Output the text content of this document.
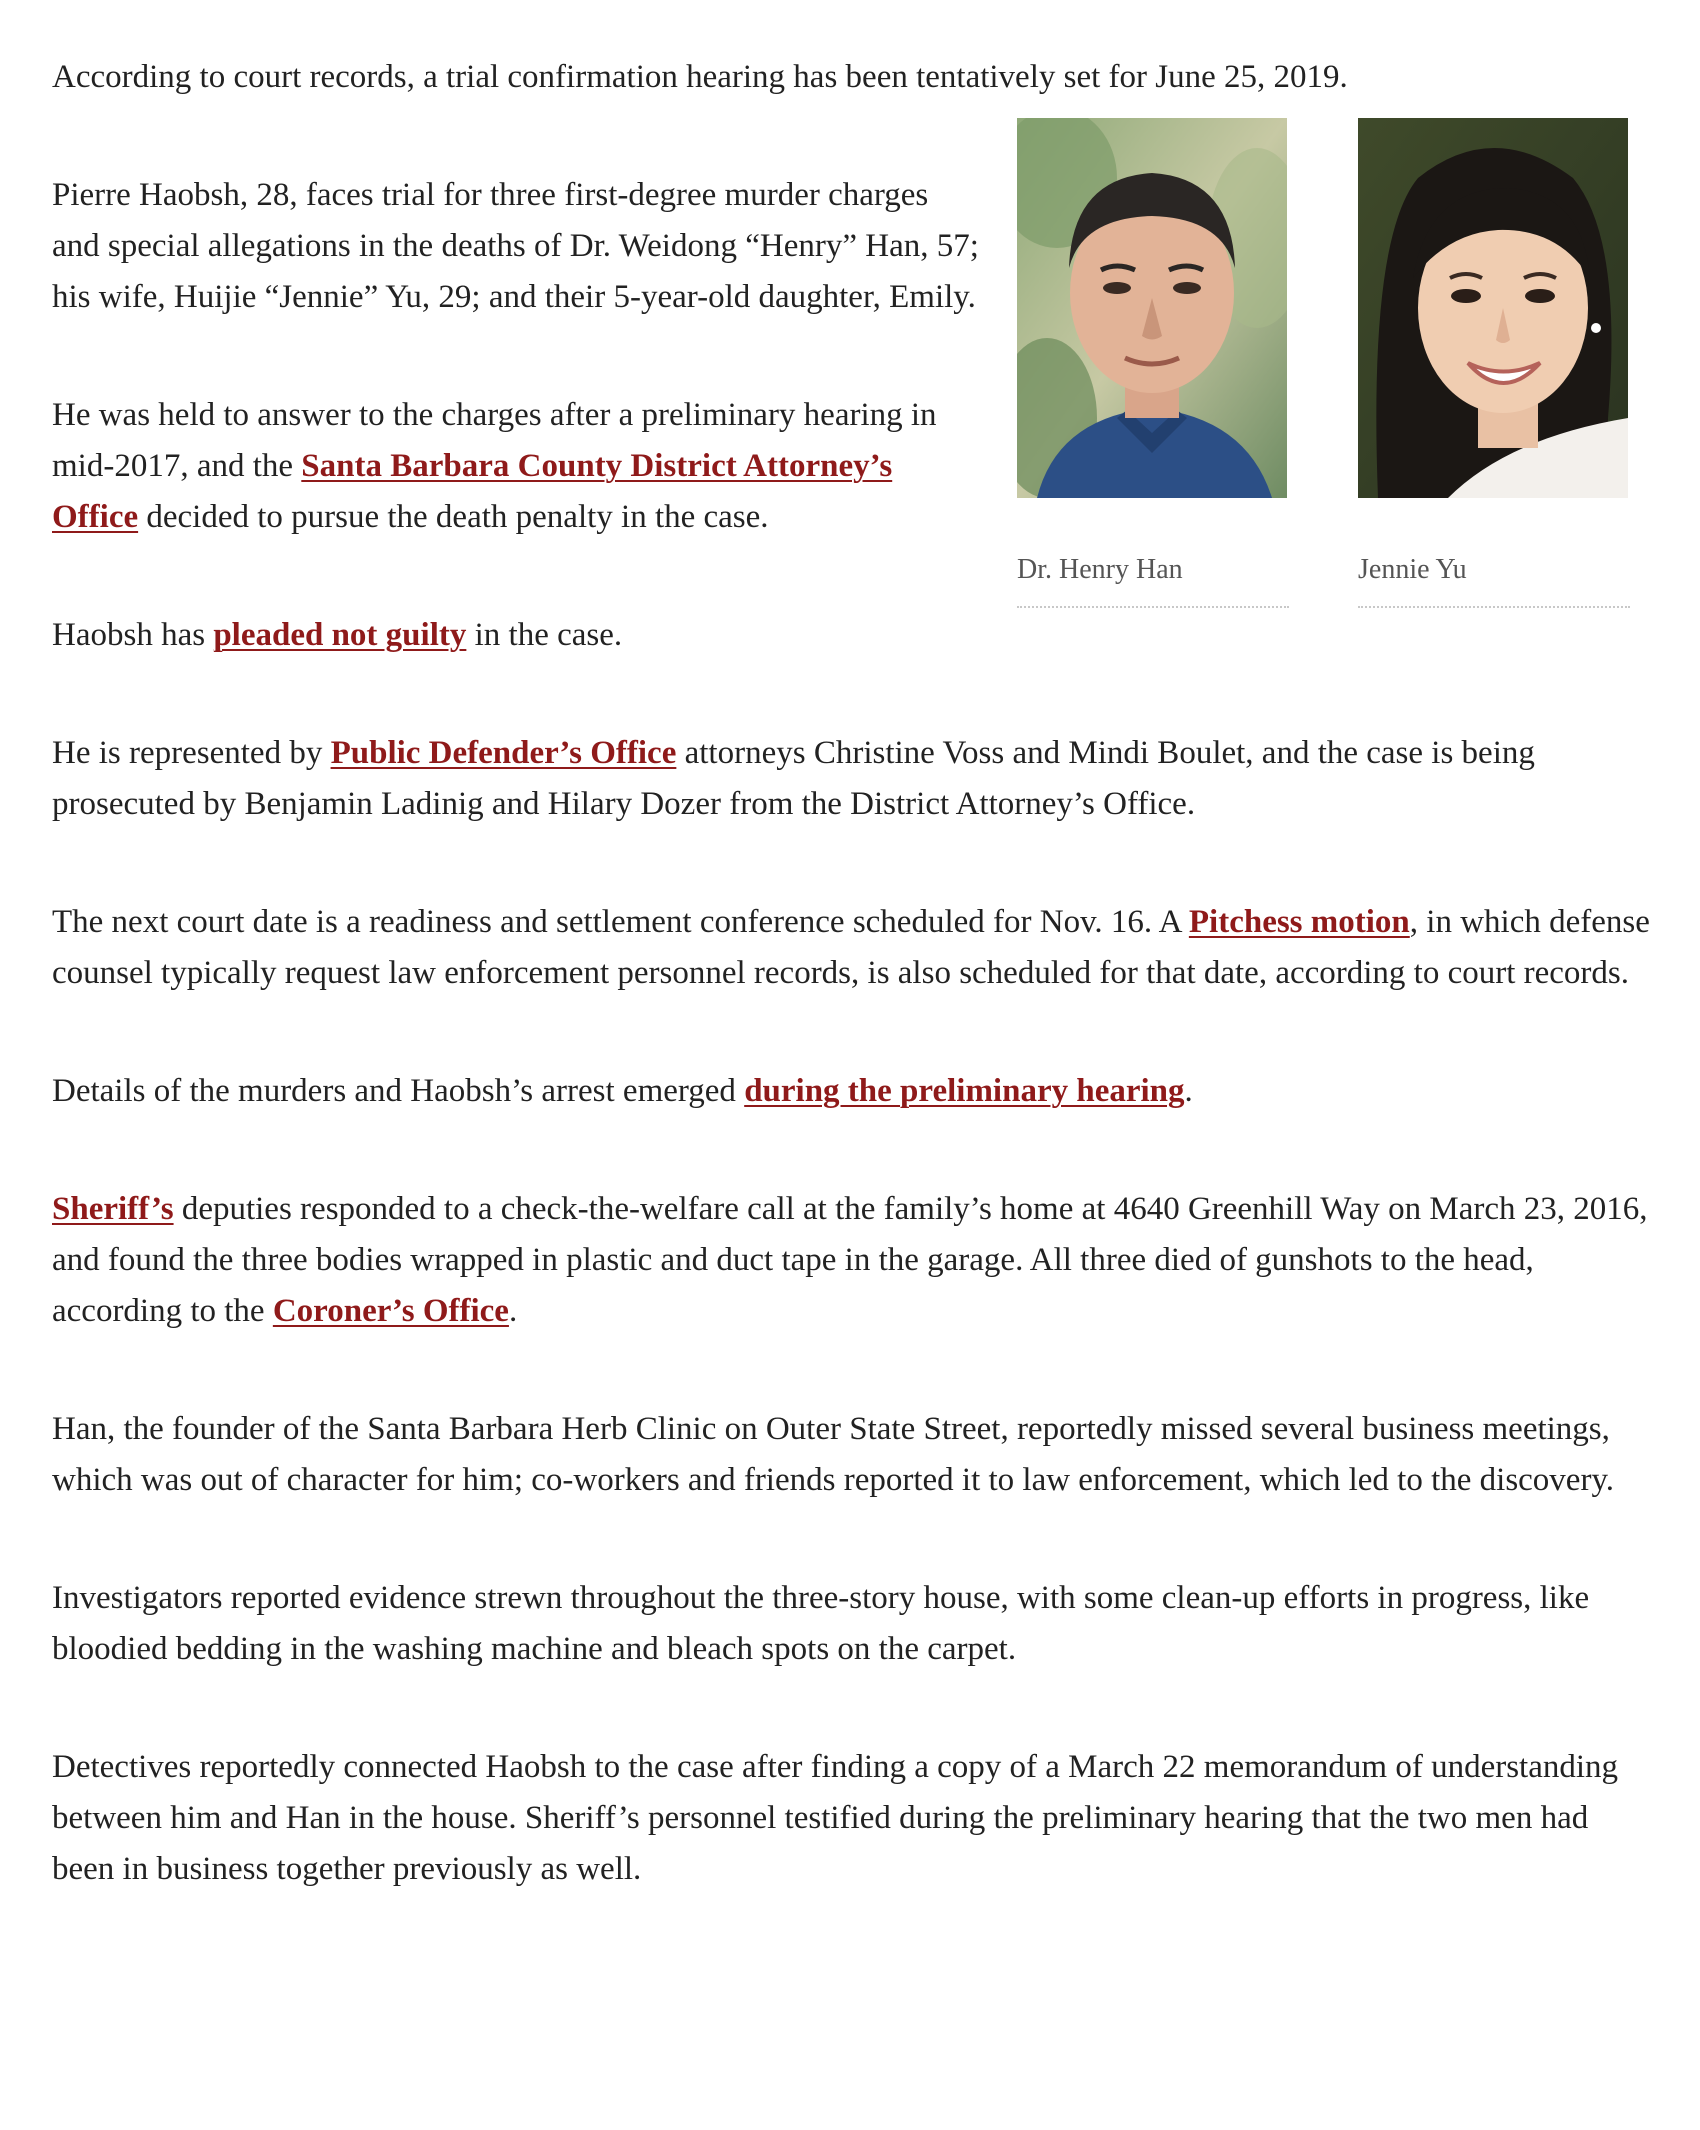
According to court records, a trial confirmation hearing has been tentatively set for June 25, 2019.

Dr. Henry Han	Jennie Yu

Pierre Haobsh, 28, faces trial for three first-degree murder charges and special allegations in the deaths of Dr. Weidong “Henry” Han, 57; his wife, Huijie “Jennie” Yu, 29; and their 5-year-old daughter, Emily.

He was held to answer to the charges after a preliminary hearing in mid-2017, and the Santa Barbara County District Attorney’s Office decided to pursue the death penalty in the case.

Haobsh has pleaded not guilty in the case.

He is represented by Public Defender’s Office attorneys Christine Voss and Mindi Boulet, and the case is being prosecuted by Benjamin Ladinig and Hilary Dozer from the District Attorney’s Office.

The next court date is a readiness and settlement conference scheduled for Nov. 16. A Pitchess motion, in which defense counsel typically request law enforcement personnel records, is also scheduled for that date, according to court records.

Details of the murders and Haobsh’s arrest emerged during the preliminary hearing.

Sheriff’s deputies responded to a check-the-welfare call at the family’s home at 4640 Greenhill Way on March 23, 2016, and found the three bodies wrapped in plastic and duct tape in the garage. All three died of gunshots to the head, according to the Coroner’s Office.

Han, the founder of the Santa Barbara Herb Clinic on Outer State Street, reportedly missed several business meetings, which was out of character for him; co-workers and friends reported it to law enforcement, which led to the discovery.

Investigators reported evidence strewn throughout the three-story house, with some clean-up efforts in progress, like bloodied bedding in the washing machine and bleach spots on the carpet.

Detectives reportedly connected Haobsh to the case after finding a copy of a March 22 memorandum of understanding between him and Han in the house. Sheriff’s personnel testified during the preliminary hearing that the two men had been in business together previously as well.
